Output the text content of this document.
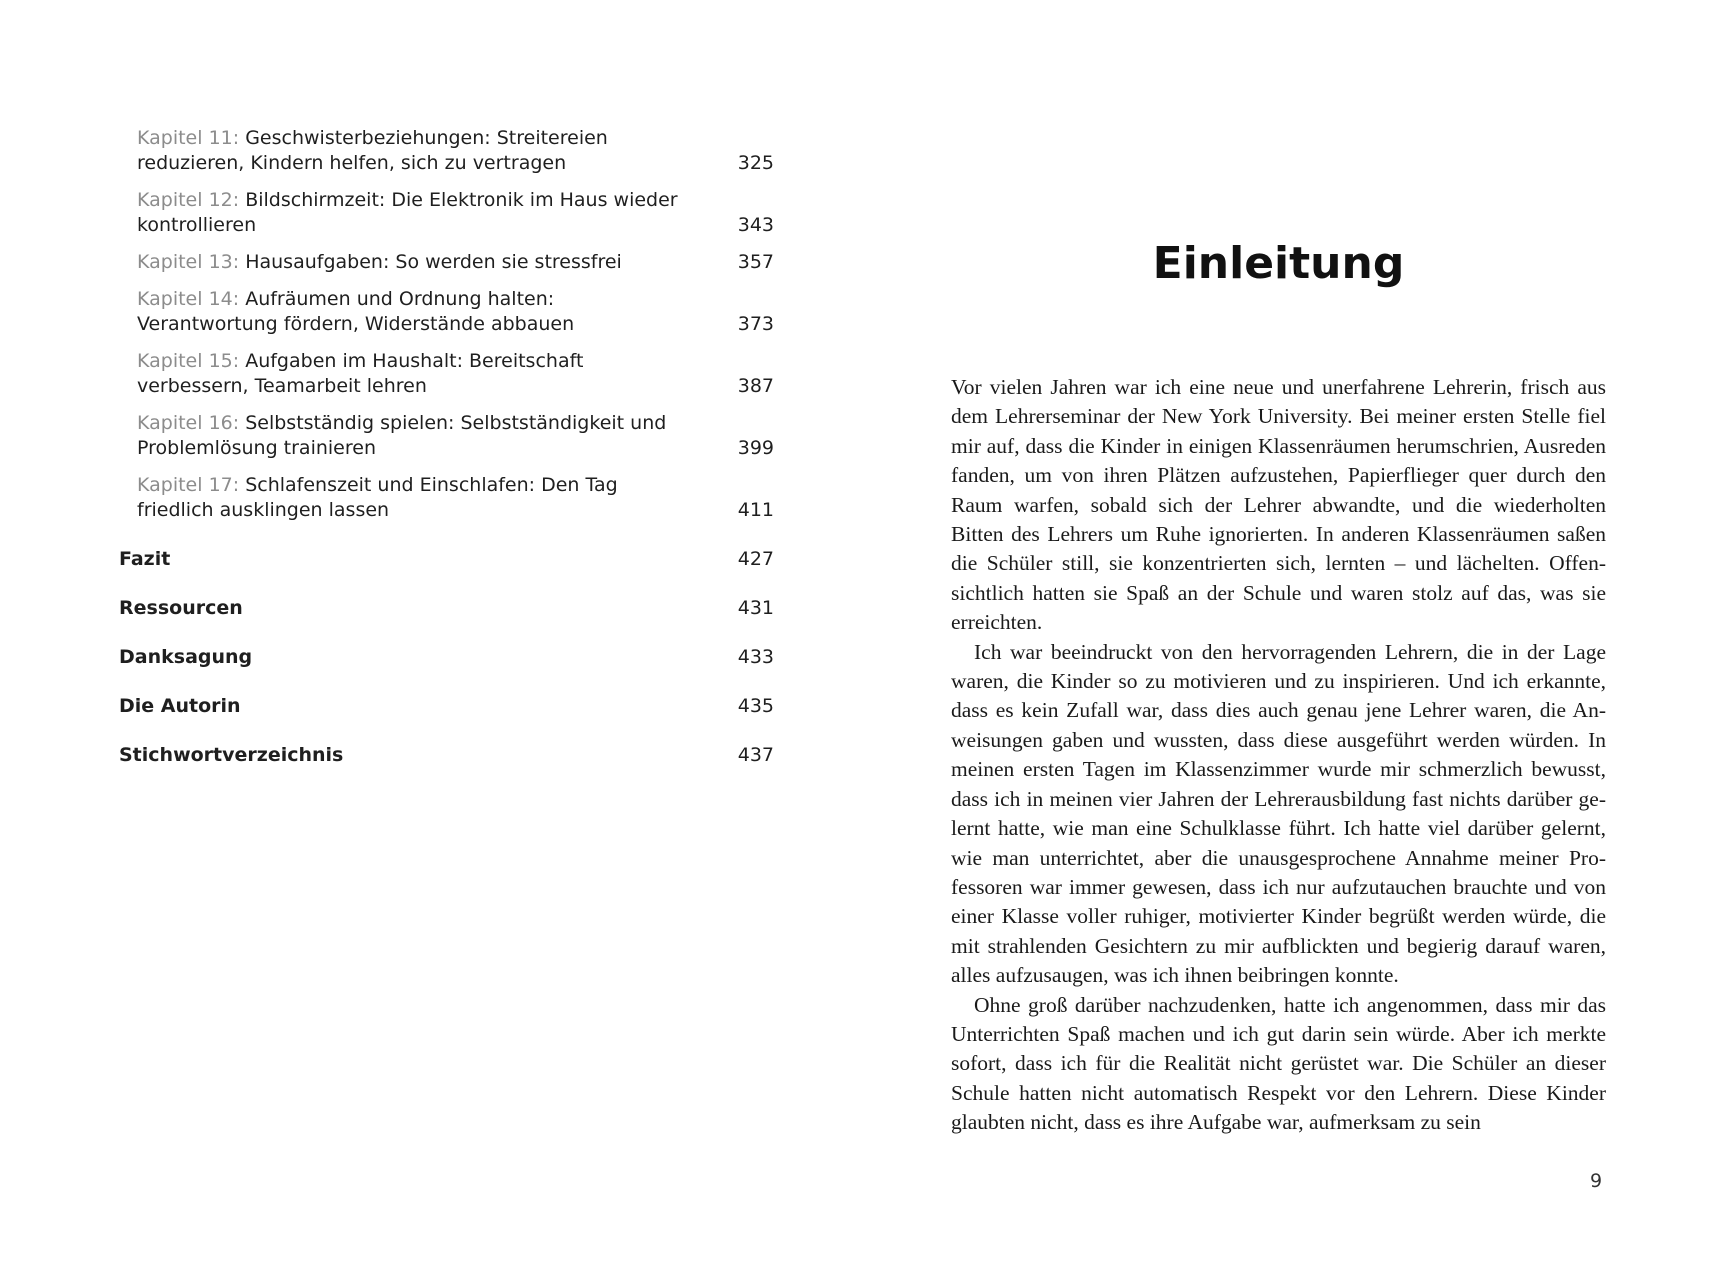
Kapitel 11: Geschwisterbeziehungen: Streitereien reduzieren, Kindern helfen, sich zu vertragen	325
Kapitel 12: Bildschirmzeit: Die Elektronik im Haus wieder kontrollieren	343
Kapitel 13: Hausaufgaben: So werden sie stressfrei	357
Kapitel 14: Aufräumen und Ordnung halten: Verantwortung fördern, Widerstände abbauen	373
Kapitel 15: Aufgaben im Haushalt: Bereitschaft verbessern, Teamarbeit lehren	387
Kapitel 16: Selbstständig spielen: Selbstständigkeit und Problemlösung trainieren	399
Kapitel 17: Schlafenszeit und Einschlafen: Den Tag friedlich ausklingen lassen	411
Fazit	427
Ressourcen	431
Danksagung	433
Die Autorin	435
Stichwortverzeichnis	437
Einleitung

Vor vielen Jahren war ich eine neue und unerfahrene Lehrerin, frisch aus dem Lehrerseminar der New York University. Bei meiner ersten Stelle fiel mir auf, dass die Kinder in einigen Klassenräumen herumschrien, Ausreden fanden, um von ihren Plätzen aufzustehen, Papierflieger quer durch den Raum warfen, sobald sich der Lehrer abwandte, und die wiederholten Bitten des Lehrers um Ruhe ignorierten. In anderen Klassenräumen saßen die Schüler still, sie konzentrierten sich, lernten – und lächelten. Offensichtlich hatten sie Spaß an der Schule und waren stolz auf das, was sie erreichten.

Ich war beeindruckt von den hervorragenden Lehrern, die in der Lage waren, die Kinder so zu motivieren und zu inspirieren. Und ich erkannte, dass es kein Zufall war, dass dies auch genau jene Lehrer waren, die Anweisungen gaben und wussten, dass diese ausgeführt werden würden. In meinen ersten Tagen im Klassenzimmer wurde mir schmerzlich bewusst, dass ich in meinen vier Jahren der Lehrerausbildung fast nichts darüber gelernt hatte, wie man eine Schulklasse führt. Ich hatte viel darüber gelernt, wie man unterrichtet, aber die unausgesprochene Annahme meiner Professoren war immer gewesen, dass ich nur aufzutauchen brauchte und von einer Klasse voller ruhiger, motivierter Kinder begrüßt werden würde, die mit strahlenden Gesichtern zu mir aufblickten und begierig darauf waren, alles aufzusaugen, was ich ihnen beibringen konnte.

Ohne groß darüber nachzudenken, hatte ich angenommen, dass mir das Unterrichten Spaß machen und ich gut darin sein würde. Aber ich merkte sofort, dass ich für die Realität nicht gerüstet war. Die Schüler an dieser Schule hatten nicht automatisch Respekt vor den Lehrern. Diese Kinder glaubten nicht, dass es ihre Aufgabe war, aufmerksam zu sein

9
